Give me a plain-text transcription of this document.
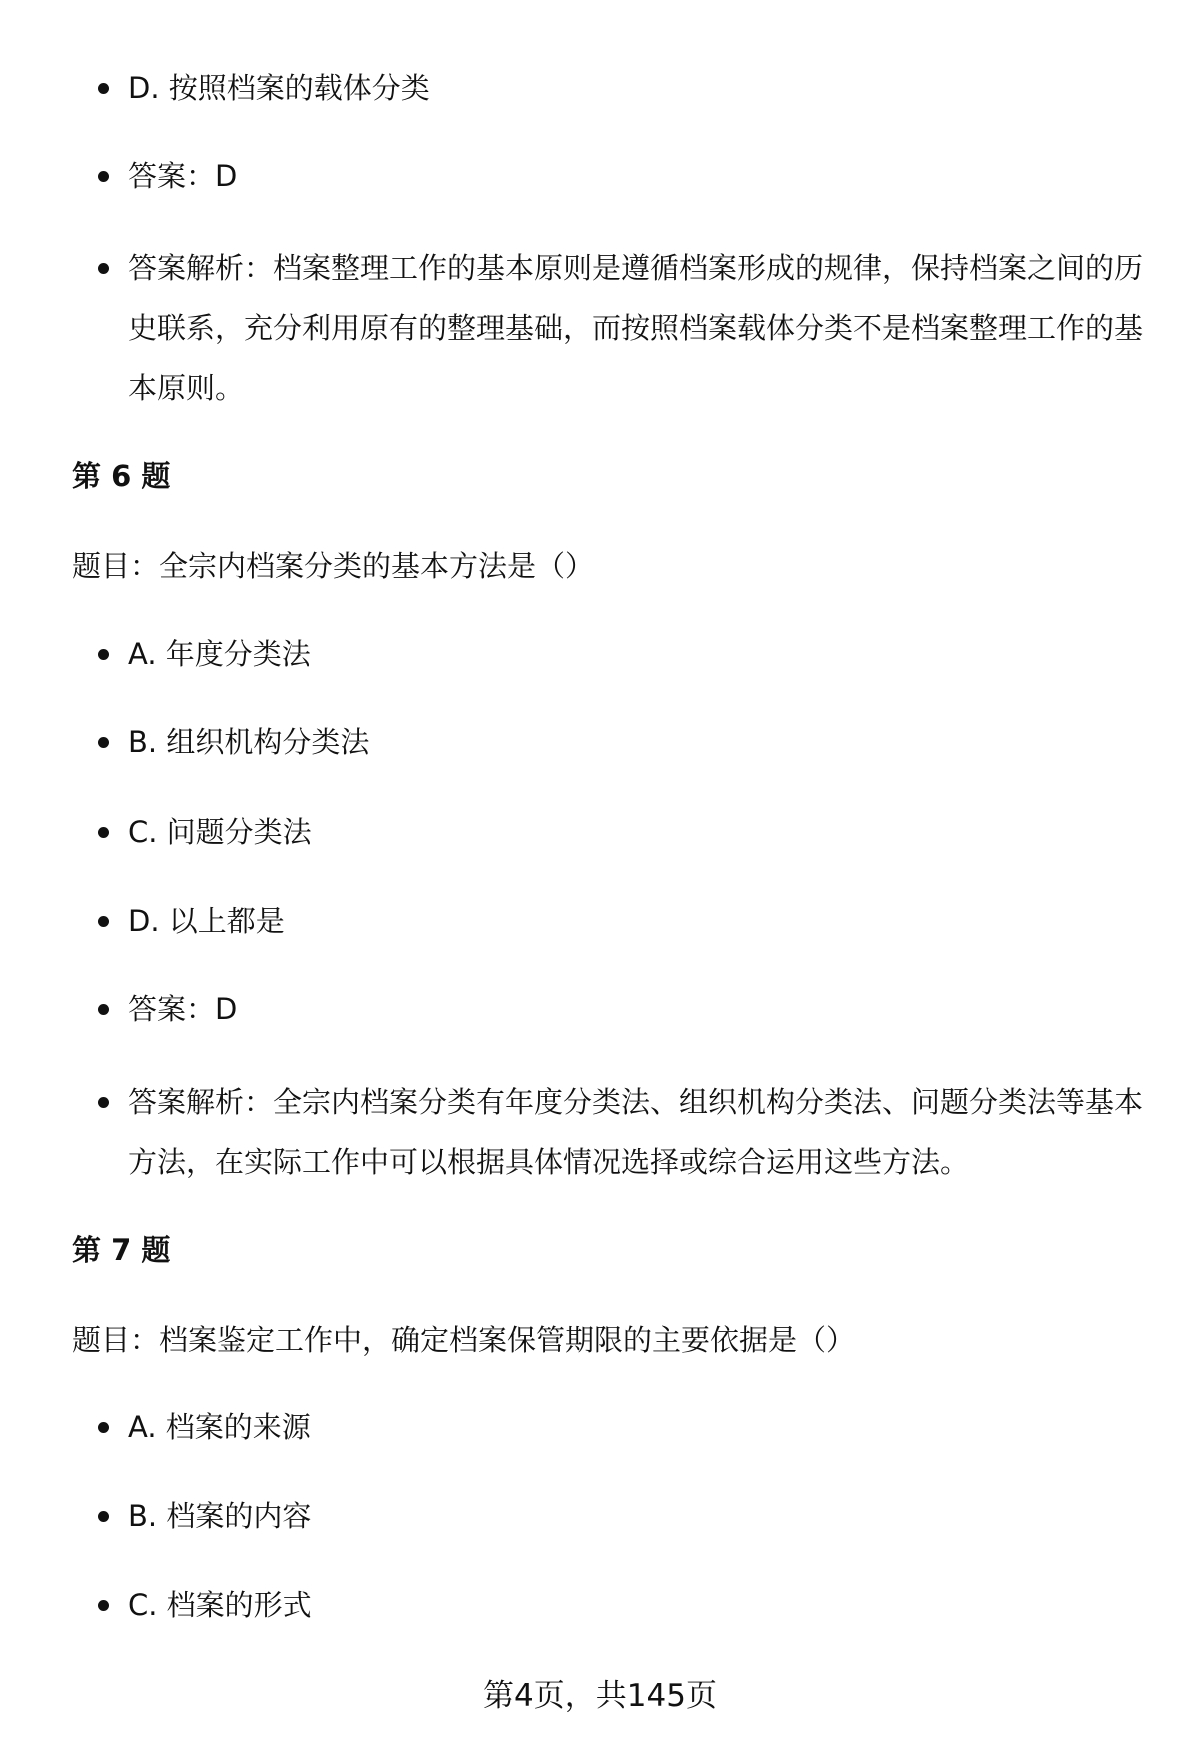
D. 按照档案的载体分类
答案：D
答案解析：档案整理工作的基本原则是遵循档案形成的规律，保持档案之间的历史联系，充分利用原有的整理基础，而按照档案载体分类不是档案整理工作的基本原则。
第 6 题
题目：全宗内档案分类的基本方法是（）
A. 年度分类法
B. 组织机构分类法
C. 问题分类法
D. 以上都是
答案：D
答案解析：全宗内档案分类有年度分类法、组织机构分类法、问题分类法等基本方法，在实际工作中可以根据具体情况选择或综合运用这些方法。
第 7 题
题目：档案鉴定工作中，确定档案保管期限的主要依据是（）
A. 档案的来源
B. 档案的内容
C. 档案的形式
第4页，共145页
